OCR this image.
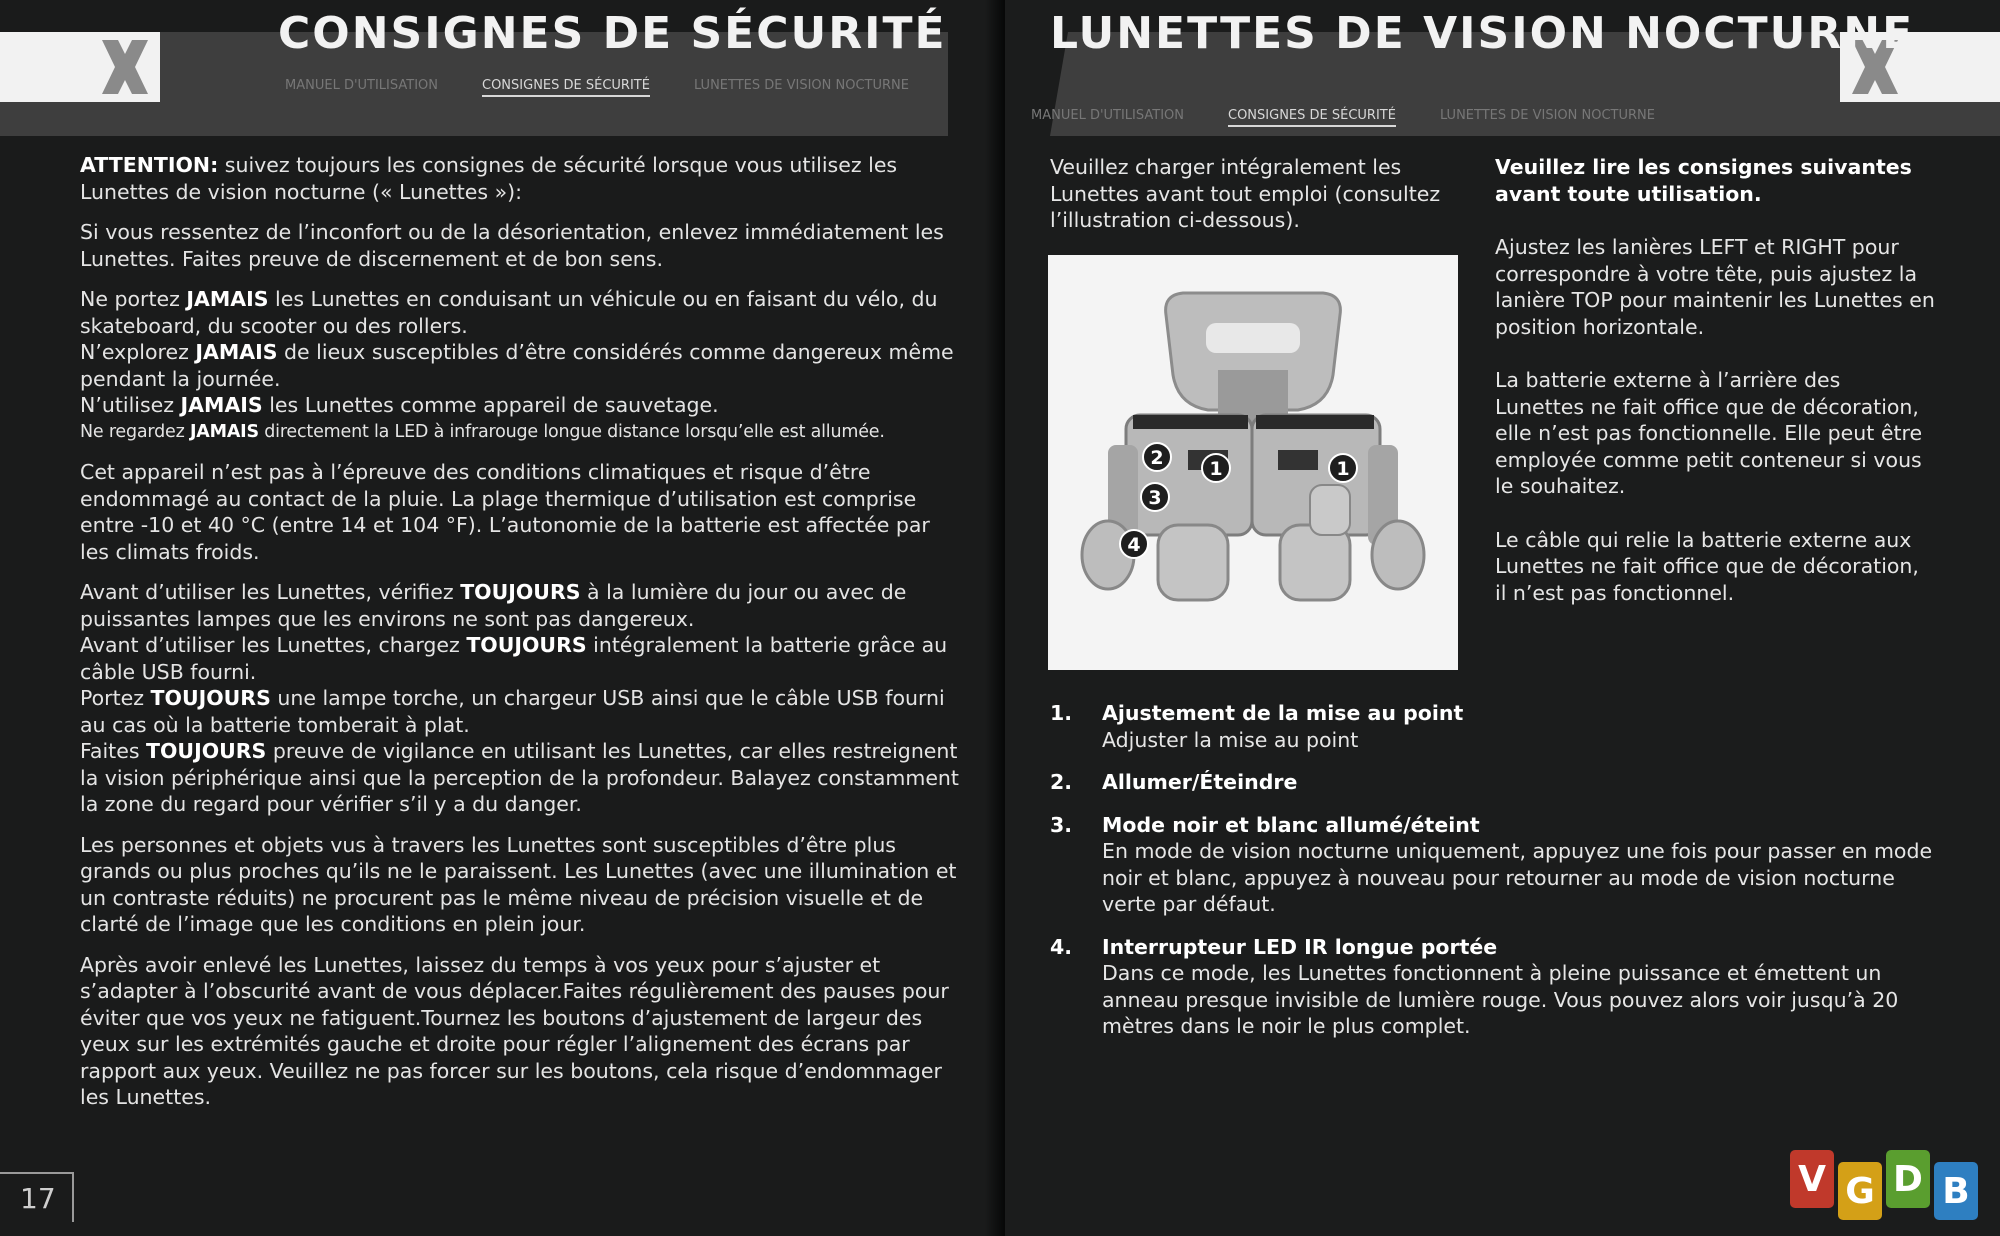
CONSIGNES DE SÉCURITÉ
MANUEL D'UTILISATION	CONSIGNES DE SÉCURITÉ	LUNETTES DE VISION NOCTURNE

ATTENTION: suivez toujours les consignes de sécurité lorsque vous utilisez les Lunettes de vision nocturne (« Lunettes »):

Si vous ressentez de l’inconfort ou de la désorientation, enlevez immédiatement les Lunettes. Faites preuve de discernement et de bon sens.

Ne portez JAMAIS les Lunettes en conduisant un véhicule ou en faisant du vélo, du skateboard, du scooter ou des rollers.

N’explorez JAMAIS de lieux susceptibles d’être considérés comme dangereux même pendant la journée.

N’utilisez JAMAIS les Lunettes comme appareil de sauvetage.

Ne regardez JAMAIS directement la LED à infrarouge longue distance lorsqu’elle est allumée.

Cet appareil n’est pas à l’épreuve des conditions climatiques et risque d’être endommagé au contact de la pluie. La plage thermique d’utilisation est comprise entre -10 et 40 °C (entre 14 et 104 °F). L’autonomie de la batterie est affectée par les climats froids.

Avant d’utiliser les Lunettes, vérifiez TOUJOURS à la lumière du jour ou avec de puissantes lampes que les environs ne sont pas dangereux.

Avant d’utiliser les Lunettes, chargez TOUJOURS intégralement la batterie grâce au câble USB fourni.

Portez TOUJOURS une lampe torche, un chargeur USB ainsi que le câble USB fourni au cas où la batterie tomberait à plat.

Faites TOUJOURS preuve de vigilance en utilisant les Lunettes, car elles restreignent la vision périphérique ainsi que la perception de la profondeur. Balayez constamment la zone du regard pour vérifier s’il y a du danger.

Les personnes et objets vus à travers les Lunettes sont susceptibles d’être plus grands ou plus proches qu’ils ne le paraissent. Les Lunettes (avec une illumination et un contraste réduits) ne procurent pas le même niveau de précision visuelle et de clarté de l’image que les conditions en plein jour.

Après avoir enlevé les Lunettes, laissez du temps à vos yeux pour s’ajuster et s’adapter à l’obscurité avant de vous déplacer.Faites régulièrement des pauses pour éviter que vos yeux ne fatiguent.Tournez les boutons d’ajustement de largeur des yeux sur les extrémités gauche et droite pour régler l’alignement des écrans par rapport aux yeux. Veuillez ne pas forcer sur les boutons, cela risque d’endommager les Lunettes.

17
LUNETTES DE VISION NOCTURNE
MANUEL D'UTILISATION	CONSIGNES DE SÉCURITÉ	LUNETTES DE VISION NOCTURNE
Veuillez charger intégralement les Lunettes avant tout emploi (consultez l’illustration ci-dessous).
Veuillez lire les consignes suivantes avant toute utilisation.

Ajustez les lanières LEFT et RIGHT pour correspondre à votre tête, puis ajustez la lanière TOP pour maintenir les Lunettes en position horizontale.

La batterie externe à l’arrière des Lunettes ne fait office que de décoration, elle n’est pas fonctionnelle. Elle peut être employée comme petit conteneur si vous le souhaitez.

Le câble qui relie la batterie externe aux Lunettes ne fait office que de décoration, il n’est pas fonctionnel.

1	1
2
3
4
1. Ajustement de la mise au point
Adjuster la mise au point
2. Allumer/Éteindre
3. Mode noir et blanc allumé/éteint
En mode de vision nocturne uniquement, appuyez une fois pour passer en mode noir et blanc, appuyez à nouveau pour retourner au mode de vision nocturne verte par défaut.
4. Interrupteur LED IR longue portée
Dans ce mode, les Lunettes fonctionnent à pleine puissance et émettent un anneau presque invisible de lumière rouge. Vous pouvez alors voir jusqu’à 20 mètres dans le noir le plus complet.
V G D B
